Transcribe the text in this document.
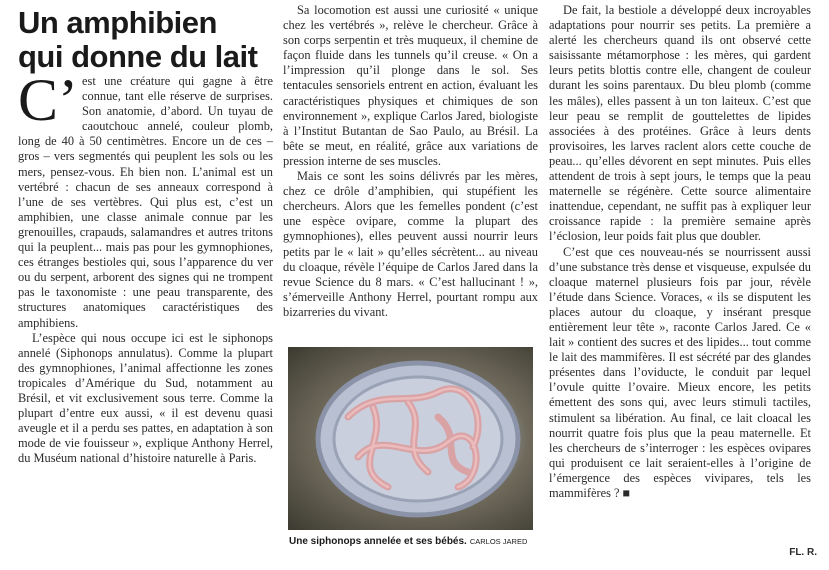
Un amphibien
qui donne du lait

C’ est une créature qui gagne à être connue, tant elle réserve de surprises. Son anatomie, d’abord. Un tuyau de caoutchouc annelé, couleur plomb, long de 40 à 50 centimètres. Encore un de ces – gros – vers segmentés qui peuplent les sols ou les mers, pensez-vous. Eh bien non. L’animal est un vertébré : chacun de ses anneaux correspond à l’une de ses vertèbres. Qui plus est, c’est un amphibien, une classe animale connue par les grenouilles, crapauds, salamandres et autres tritons qui la peuplent... mais pas pour les gymnophiones, ces étranges bestioles qui, sous l’apparence du ver ou du serpent, arborent des signes qui ne trompent pas le taxonomiste : une peau transparente, des structures anatomiques caractéristiques des amphibiens.

L’espèce qui nous occupe ici est le siphonops annelé (Siphonops annulatus). Comme la plupart des gymnophiones, l’animal affectionne les zones tropicales d’Amérique du Sud, notamment au Brésil, et vit exclusivement sous terre. Comme la plupart d’entre eux aussi, « il est devenu quasi aveugle et il a perdu ses pattes, en adaptation à son mode de vie fouisseur », explique Anthony Herrel, du Muséum national d’histoire naturelle à Paris.

Sa locomotion est aussi une curiosité « unique chez les vertébrés », relève le chercheur. Grâce à son corps serpentin et très muqueux, il chemine de façon fluide dans les tunnels qu’il creuse. « On a l’impression qu’il plonge dans le sol. Ses tentacules sensoriels entrent en action, évaluant les caractéristiques physiques et chimiques de son environnement », explique Carlos Jared, biologiste à l’Institut Butantan de Sao Paulo, au Brésil. La bête se meut, en réalité, grâce aux variations de pression interne de ses muscles.

Mais ce sont les soins délivrés par les mères, chez ce drôle d’amphibien, qui stupéfient les chercheurs. Alors que les femelles pondent (c’est une espèce ovipare, comme la plupart des gymnophiones), elles peuvent aussi nourrir leurs petits par le « lait » qu’elles sécrètent... au niveau du cloaque, révèle l’équipe de Carlos Jared dans la revue Science du 8 mars. « C’est hallucinant ! », s’émerveille Anthony Herrel, pourtant rompu aux bizarreries du vivant.

Une siphonops annelée et ses bébés. CARLOS JARED

De fait, la bestiole a développé deux incroyables adaptations pour nourrir ses petits. La première a alerté les chercheurs quand ils ont observé cette saisissante métamorphose : les mères, qui gardent leurs petits blottis contre elle, changent de couleur durant les soins parentaux. Du bleu plomb (comme les mâles), elles passent à un ton laiteux. C’est que leur peau se remplit de gouttelettes de lipides associées à des protéines. Grâce à leurs dents provisoires, les larves raclent alors cette couche de peau... qu’elles dévorent en sept minutes. Puis elles attendent de trois à sept jours, le temps que la peau maternelle se régénère. Cette source alimentaire inattendue, cependant, ne suffit pas à expliquer leur croissance rapide : la première semaine après l’éclosion, leur poids fait plus que doubler.

C’est que ces nouveau-nés se nourrissent aussi d’une substance très dense et visqueuse, expulsée du cloaque maternel plusieurs fois par jour, révèle l’étude dans Science. Voraces, « ils se disputent les places autour du cloaque, y insérant presque entièrement leur tête », raconte Carlos Jared. Ce « lait » contient des sucres et des lipides... tout comme le lait des mammifères. Il est sécrété par des glandes présentes dans l’oviducte, le conduit par lequel l’ovule quitte l’ovaire. Mieux encore, les petits émettent des sons qui, avec leurs stimuli tactiles, stimulent sa libération. Au final, ce lait cloacal les nourrit quatre fois plus que la peau maternelle. Et les chercheurs de s’interroger : les espèces ovipares qui produisent ce lait seraient-elles à l’origine de l’émergence des espèces vivipares, tels les mammifères ? ■

FL. R.
